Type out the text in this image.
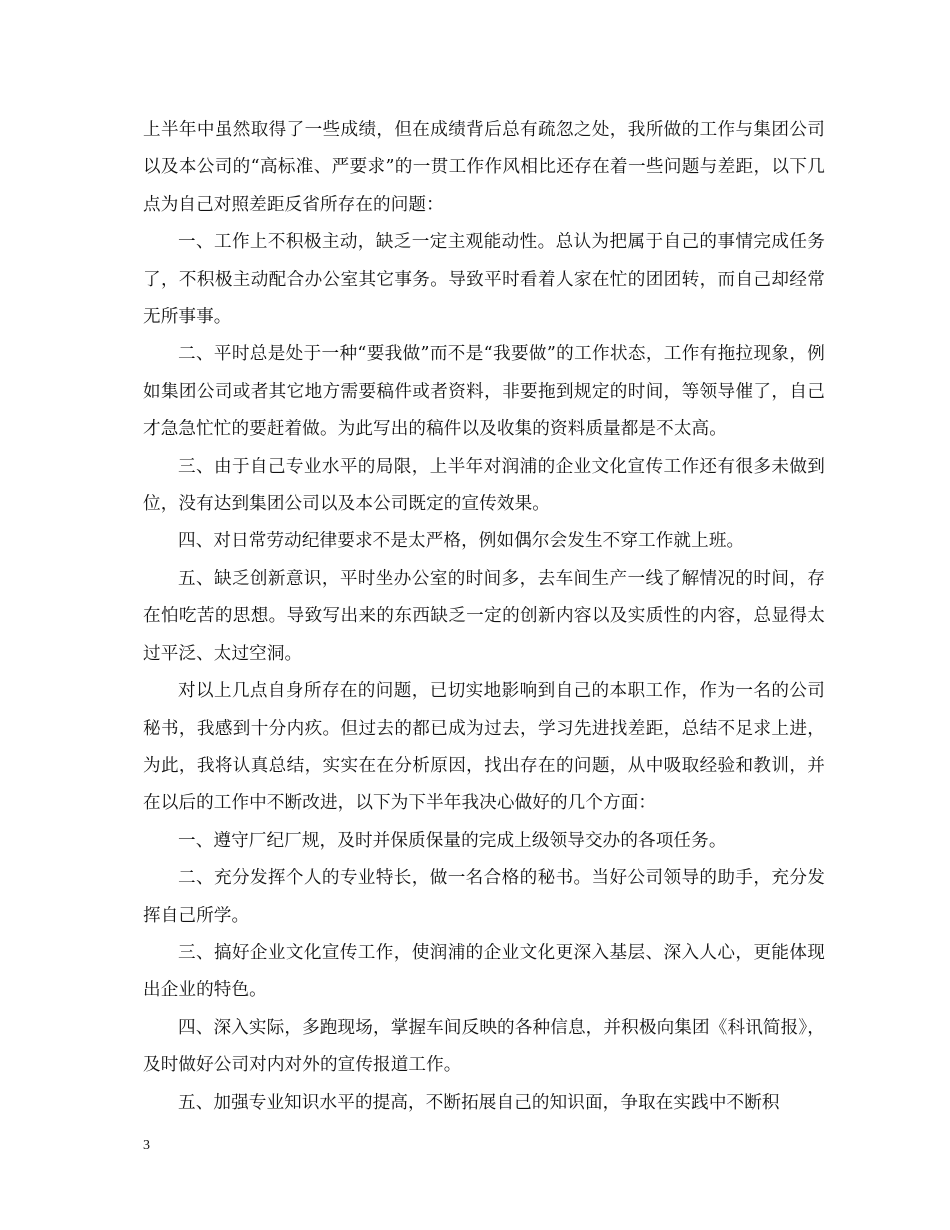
上半年中虽然取得了一些成绩，但在成绩背后总有疏忽之处，我所做的工作与集团公司以及本公司的“高标准、严要求”的一贯工作作风相比还存在着一些问题与差距，以下几点为自己对照差距反省所存在的问题：

一、工作上不积极主动，缺乏一定主观能动性。总认为把属于自己的事情完成任务了，不积极主动配合办公室其它事务。导致平时看着人家在忙的团团转，而自己却经常无所事事。

二、平时总是处于一种“要我做”而不是“我要做”的工作状态，工作有拖拉现象，例如集团公司或者其它地方需要稿件或者资料，非要拖到规定的时间，等领导催了，自己才急急忙忙的要赶着做。为此写出的稿件以及收集的资料质量都是不太高。

三、由于自己专业水平的局限，上半年对润浦的企业文化宣传工作还有很多未做到位，没有达到集团公司以及本公司既定的宣传效果。

四、对日常劳动纪律要求不是太严格，例如偶尔会发生不穿工作就上班。

五、缺乏创新意识，平时坐办公室的时间多，去车间生产一线了解情况的时间，存在怕吃苦的思想。导致写出来的东西缺乏一定的创新内容以及实质性的内容，总显得太过平泛、太过空洞。

对以上几点自身所存在的问题，已切实地影响到自己的本职工作，作为一名的公司秘书，我感到十分内疚。但过去的都已成为过去，学习先进找差距，总结不足求上进，为此，我将认真总结，实实在在分析原因，找出存在的问题，从中吸取经验和教训，并在以后的工作中不断改进，以下为下半年我决心做好的几个方面：

一、遵守厂纪厂规，及时并保质保量的完成上级领导交办的各项任务。

二、充分发挥个人的专业特长，做一名合格的秘书。当好公司领导的助手，充分发挥自己所学。

三、搞好企业文化宣传工作，使润浦的企业文化更深入基层、深入人心，更能体现出企业的特色。

四、深入实际，多跑现场，掌握车间反映的各种信息，并积极向集团《科讯简报》，及时做好公司对内对外的宣传报道工作。

五、加强专业知识水平的提高，不断拓展自己的知识面，争取在实践中不断积

3
